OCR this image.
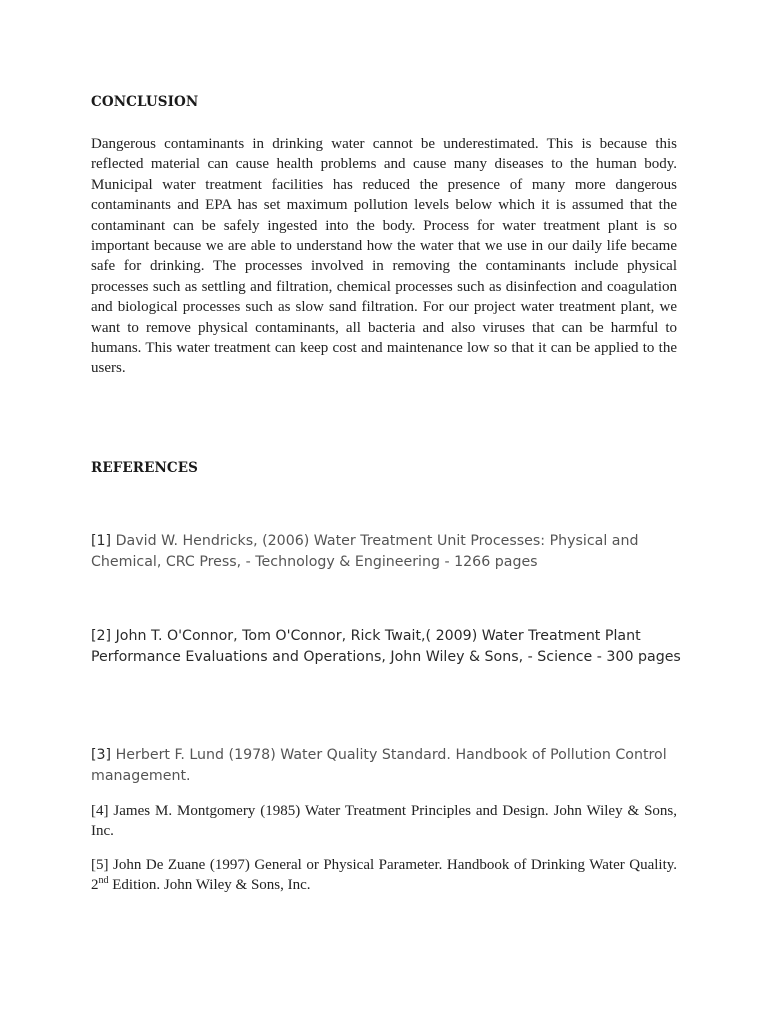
CONCLUSION

Dangerous contaminants in drinking water cannot be underestimated. This is because this reflected material can cause health problems and cause many diseases to the human body. Municipal water treatment facilities has reduced the presence of many more dangerous contaminants and EPA has set maximum pollution levels below which it is assumed that the contaminant can be safely ingested into the body. Process for water treatment plant is so important because we are able to understand how the water that we use in our daily life became safe for drinking. The processes involved in removing the contaminants include physical processes such as settling and filtration, chemical processes such as disinfection and coagulation and biological processes such as slow sand filtration. For our project water treatment plant, we want to remove physical contaminants, all bacteria and also viruses that can be harmful to humans. This water treatment can keep cost and maintenance low so that it can be applied to the users.

REFERENCES

[1] David W. Hendricks, (2006) Water Treatment Unit Processes: Physical and Chemical, CRC Press, - Technology & Engineering - 1266 pages

[2] John T. O'Connor, Tom O'Connor, Rick Twait,( 2009) Water Treatment Plant Performance Evaluations and Operations, John Wiley & Sons, - Science - 300 pages

[3] Herbert F. Lund (1978) Water Quality Standard. Handbook of Pollution Control management.

[4] James M. Montgomery (1985) Water Treatment Principles and Design. John Wiley & Sons, Inc.

[5] John De Zuane (1997) General or Physical Parameter. Handbook of Drinking Water Quality. 2nd Edition. John Wiley & Sons, Inc.
